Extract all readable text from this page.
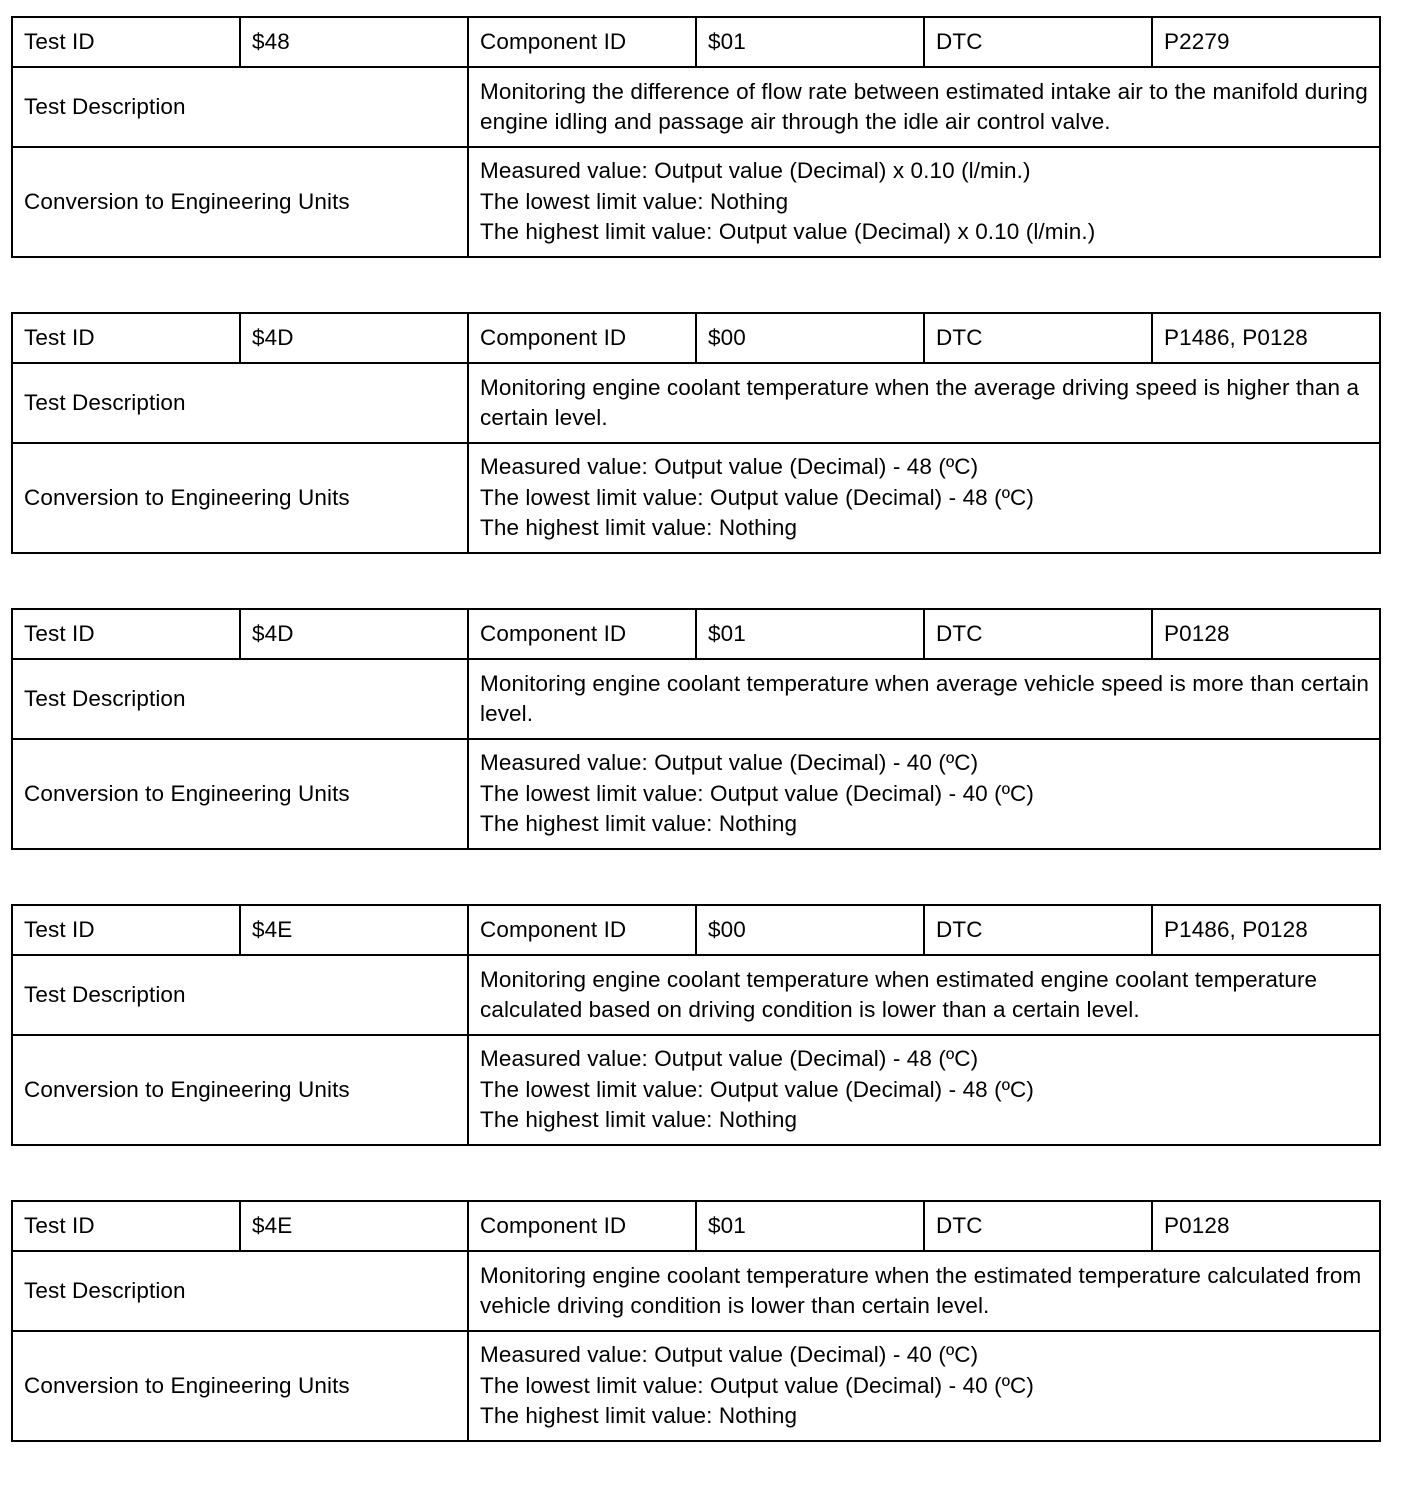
Test ID	$48	Component ID	$01	DTC	P2279
Test Description		Monitoring the difference of flow rate between estimated intake air to the manifold during engine idling and passage air through the idle air control valve.			
Conversion to Engineering Units		Measured value: Output value (Decimal) x 0.10 (l/min.)
The lowest limit value: Nothing
The highest limit value: Output value (Decimal) x 0.10 (l/min.)			
Test ID	$4D	Component ID	$00	DTC	P1486, P0128
Test Description		Monitoring engine coolant temperature when the average driving speed is higher than a certain level.			
Conversion to Engineering Units		Measured value: Output value (Decimal) - 48 (ºC)
The lowest limit value: Output value (Decimal) - 48 (ºC)
The highest limit value: Nothing			
Test ID	$4D	Component ID	$01	DTC	P0128
Test Description		Monitoring engine coolant temperature when average vehicle speed is more than certain level.			
Conversion to Engineering Units		Measured value: Output value (Decimal) - 40 (ºC)
The lowest limit value: Output value (Decimal) - 40 (ºC)
The highest limit value: Nothing			
Test ID	$4E	Component ID	$00	DTC	P1486, P0128
Test Description		Monitoring engine coolant temperature when estimated engine coolant temperature calculated based on driving condition is lower than a certain level.			
Conversion to Engineering Units		Measured value: Output value (Decimal) - 48 (ºC)
The lowest limit value: Output value (Decimal) - 48 (ºC)
The highest limit value: Nothing			
Test ID	$4E	Component ID	$01	DTC	P0128
Test Description		Monitoring engine coolant temperature when the estimated temperature calculated from vehicle driving condition is lower than certain level.			
Conversion to Engineering Units		Measured value: Output value (Decimal) - 40 (ºC)
The lowest limit value: Output value (Decimal) - 40 (ºC)
The highest limit value: Nothing			
